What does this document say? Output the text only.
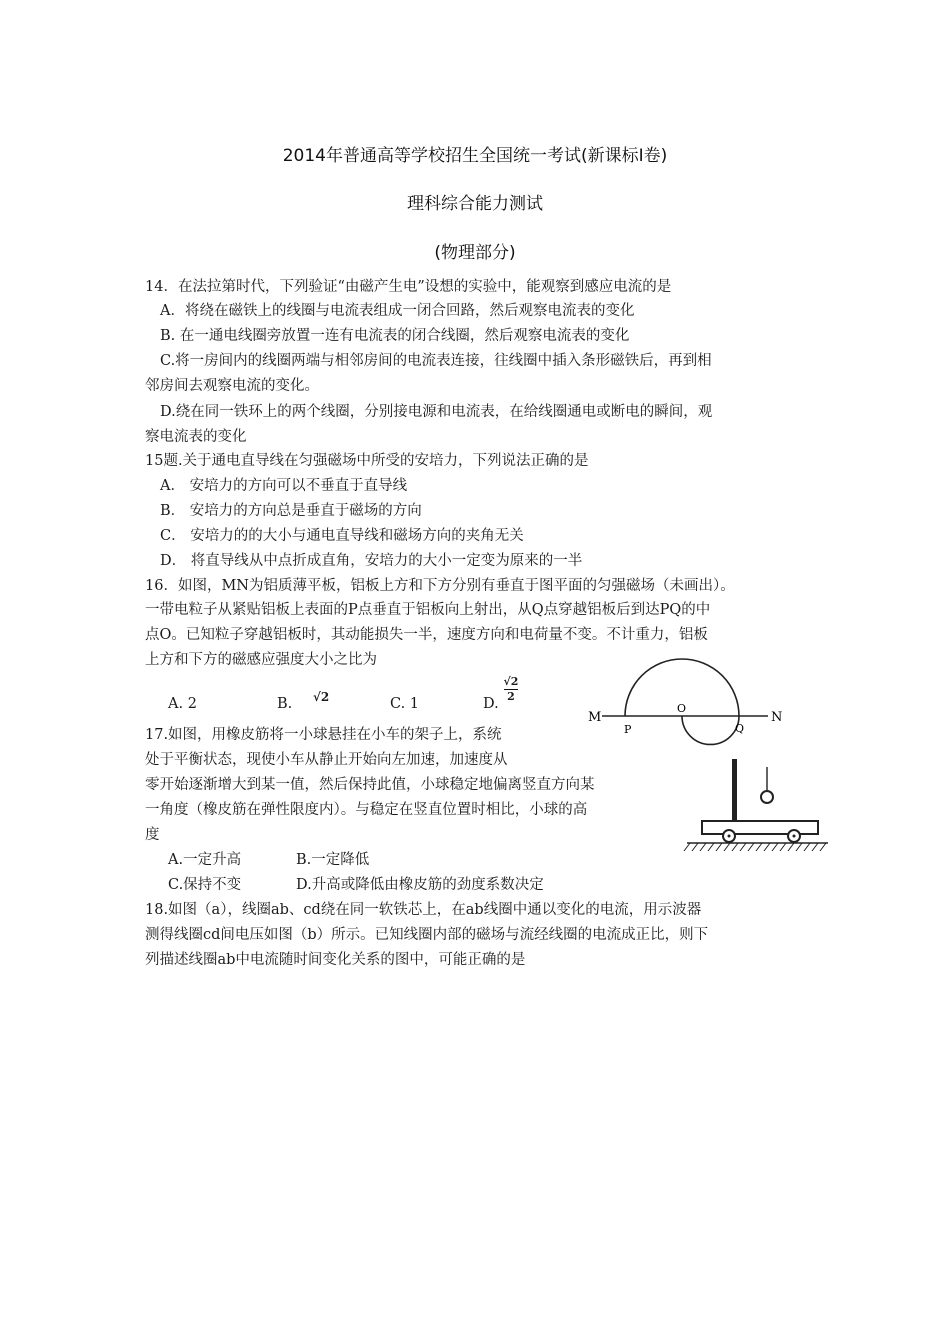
2014年普通高等学校招生全国统一考试(新课标Ⅰ卷)
理科综合能力测试
(物理部分)
14．在法拉第时代，下列验证“由磁产生电”设想的实验中，能观察到感应电流的是
A．将绕在磁铁上的线圈与电流表组成一闭合回路，然后观察电流表的变化
B. 在一通电线圈旁放置一连有电流表的闭合线圈，然后观察电流表的变化
C.将一房间内的线圈两端与相邻房间的电流表连接，往线圈中插入条形磁铁后，再到相
邻房间去观察电流的变化。
D.绕在同一铁环上的两个线圈，分别接电源和电流表，在给线圈通电或断电的瞬间，观
察电流表的变化
15题.关于通电直导线在匀强磁场中所受的安培力，下列说法正确的是
A． 安培力的方向可以不垂直于直导线
B． 安培力的方向总是垂直于磁场的方向
C． 安培力的的大小与通电直导线和磁场方向的夹角无关
D． 将直导线从中点折成直角，安培力的大小一定变为原来的一半
16．如图，MN为铝质薄平板，铝板上方和下方分别有垂直于图平面的匀强磁场（未画出）。
一带电粒子从紧贴铝板上表面的P点垂直于铝板向上射出，从Q点穿越铝板后到达PQ的中
点O。已知粒子穿越铝板时，其动能损失一半，速度方向和电荷量不变。不计重力，铝板
上方和下方的磁感应强度大小之比为
A. 2	B. √2	C. 1	D.
√2
2
M
P
O
Q
N
17.如图，用橡皮筋将一小球悬挂在小车的架子上，系统
处于平衡状态，现使小车从静止开始向左加速，加速度从
零开始逐渐增大到某一值，然后保持此值，小球稳定地偏离竖直方向某
一角度（橡皮筋在弹性限度内）。与稳定在竖直位置时相比，小球的高
度
A.一定升高	B.一定降低
C.保持不变	D.升高或降低由橡皮筋的劲度系数决定
18.如图（a），线圈ab、cd绕在同一软铁芯上，在ab线圈中通以变化的电流，用示波器
测得线圈cd间电压如图（b）所示。已知线圈内部的磁场与流经线圈的电流成正比，则下
列描述线圈ab中电流随时间变化关系的图中，可能正确的是
